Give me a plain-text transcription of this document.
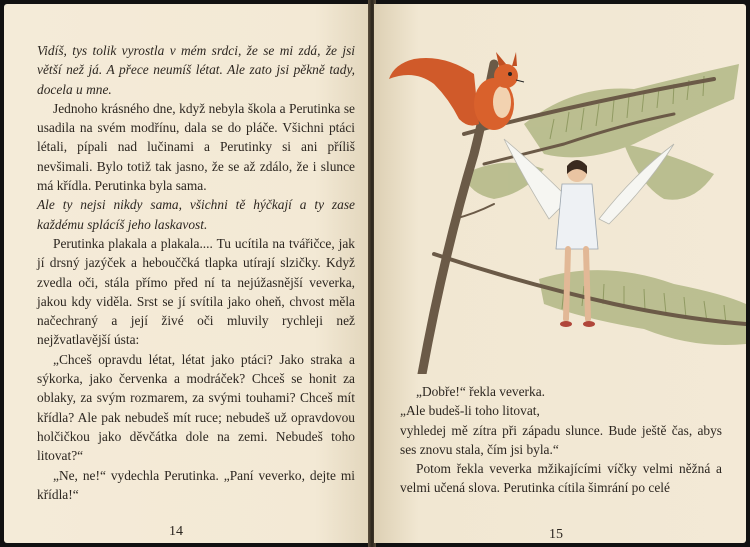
Vidíš, tys tolik vyrostla v mém srdci, že se mi zdá, že jsi větší než já. A přece neumíš létat. Ale zato jsi pěkně tady, docela u mne.

Jednoho krásného dne, když nebyla škola a Perutinka se usadila na svém modřínu, dala se do pláče. Všichni ptáci létali, pípali nad lučinami a Perutinky si ani příliš nevšimali. Bylo totiž tak jasno, že se až zdálo, že i slunce má křídla. Perutinka byla sama.

Ale ty nejsi nikdy sama, všichni tě hýčkají a ty zase každému splácíš jeho laskavost.

Perutinka plakala a plakala.... Tu ucítila na tvářičce, jak jí drsný jazýček a hebouččká tlapka utírají slzičky. Když zvedla oči, stála přímo před ní ta nejúžasnější veverka, jakou kdy viděla. Srst se jí svítila jako oheň, chvost měla načechraný a její živé oči mluvily rychleji než nejžvatlavější ústa:

„Chceš opravdu létat, létat jako ptáci? Jako straka a sýkorka, jako červenka a modráček? Chceš se honit za oblaky, za svým rozmarem, za svými touhami? Chceš mít křídla? Ale pak nebudeš mít ruce; nebudeš už opravdovou holčičkou jako děvčátka dole na zemi. Nebudeš toho litovat?“

„Ne, ne!“ vydechla Perutinka. „Paní veverko, dejte mi křídla!“

14

„Dobře!“ řekla veverka.

„Ale budeš-li toho litovat,

vyhledej mě zítra při západu slunce. Bude ještě čas, abys ses znovu stala, čím jsi byla.“

Potom řekla veverka mžikajícími víčky velmi něžná a velmi učená slova. Perutinka cítila šimrání po celé

15
